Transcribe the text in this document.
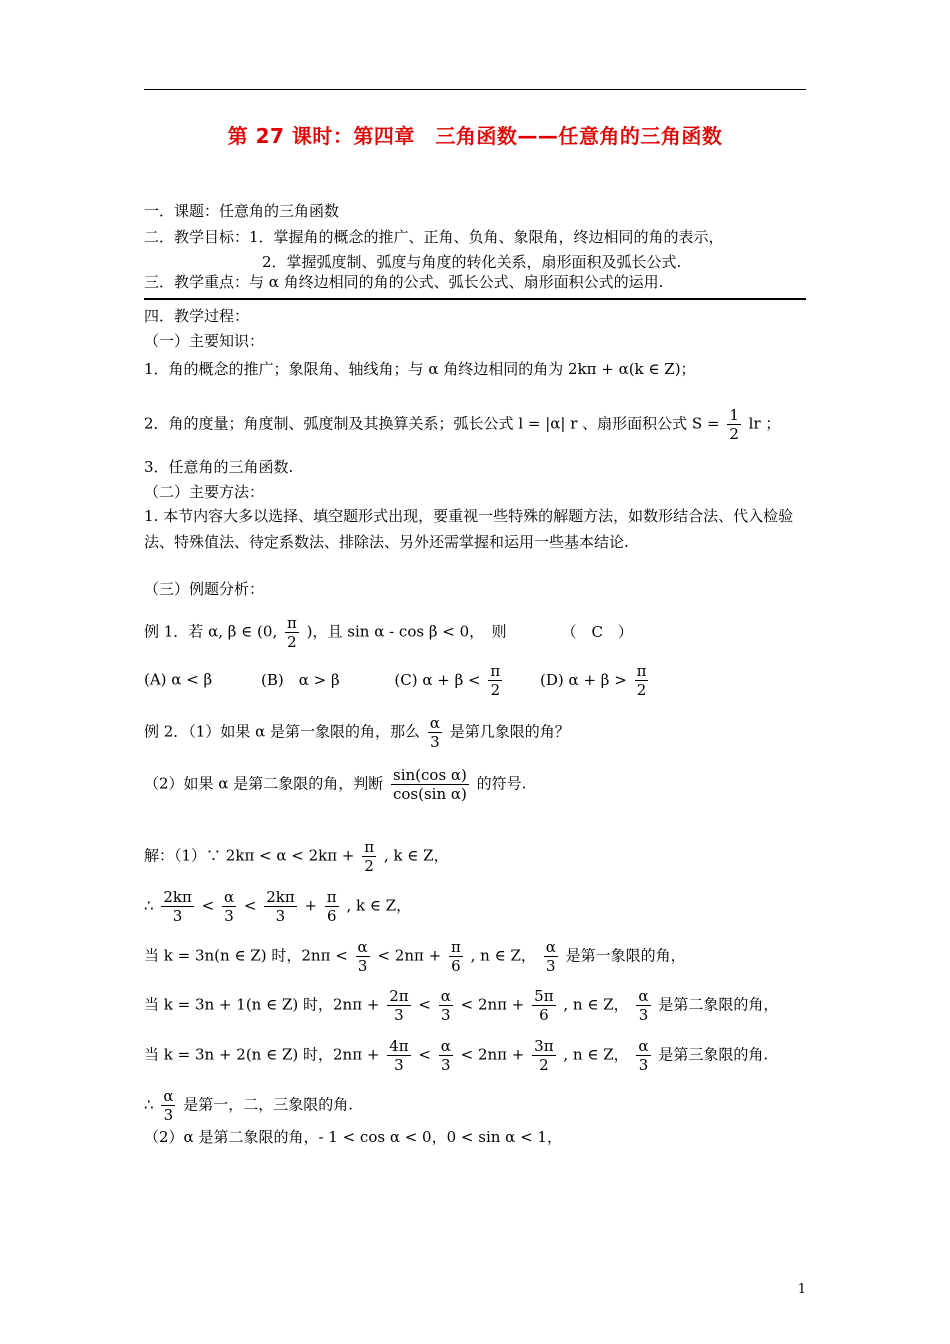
第 27 课时：第四章　三角函数——任意角的三角函数
一．课题：任意角的三角函数
二．教学目标：1．掌握角的概念的推广、正角、负角、象限角，终边相同的角的表示，
2．掌握弧度制、弧度与角度的转化关系，扇形面积及弧长公式.
三．教学重点：与 α 角终边相同的角的公式、弧长公式、扇形面积公式的运用.
四．教学过程：
（一）主要知识：
1．角的概念的推广；象限角、轴线角；与 α 角终边相同的角为 2kπ + α(k ∈ Z)；
2．角的度量；角度制、弧度制及其换算关系；弧长公式 l = |α| r 、扇形面积公式 $S = \frac{1}{2}$ lr ；
3．任意角的三角函数.
（二）主要方法：
1. 本节内容大多以选择、填空题形式出现，要重视一些特殊的解题方法，如数形结合法、代入检验法、特殊值法、待定系数法、排除法、另外还需掌握和运用一些基本结论.
（三）例题分析：
例 1．若 α, β ∈ (0, $\frac{\pi}{2}$ )，且 sin α - cos β < 0，　则	（　C　）
(A) α < β	(B)　α > β	(C) $\alpha + \beta < \frac{\pi}{2}$	(D) $\alpha + \beta > \frac{\pi}{2}$
例 2．（1）如果 α 是第一象限的角，那么 $\frac{\alpha}{3}$ 是第几象限的角？
（2）如果 α 是第二象限的角，判断 $\frac{\text{sin(cos α)}}{\text{cos(sin α)}}$ 的符号.
解：（1）∵ $2k\pi < \alpha < 2k\pi + \frac{\pi}{2}$ , k ∈ Z，
∴ $\frac{2k\pi}{3} < \frac{\alpha}{3} < \frac{2k\pi}{3} + \frac{\pi}{6}$ , k ∈ Z，
当 k = 3n(n ∈ Z) 时，$2n\pi < \frac{\alpha}{3} < 2n\pi + \frac{\pi}{6}$ , n ∈ Z， $\frac{\alpha}{3}$ 是第一象限的角，
当 k = 3n + 1(n ∈ Z) 时，$2n\pi + \frac{2\pi}{3} < \frac{\alpha}{3} < 2n\pi + \frac{5\pi}{6}$ , n ∈ Z， $\frac{\alpha}{3}$ 是第二象限的角，
当 k = 3n + 2(n ∈ Z) 时，$2n\pi + \frac{4\pi}{3} < \frac{\alpha}{3} < 2n\pi + \frac{3\pi}{2}$ , n ∈ Z， $\frac{\alpha}{3}$ 是第三象限的角.
∴ $\frac{\alpha}{3}$ 是第一，二，三象限的角.
（2）α 是第二象限的角，- 1 < cos α < 0，0 < sin α < 1，
1
